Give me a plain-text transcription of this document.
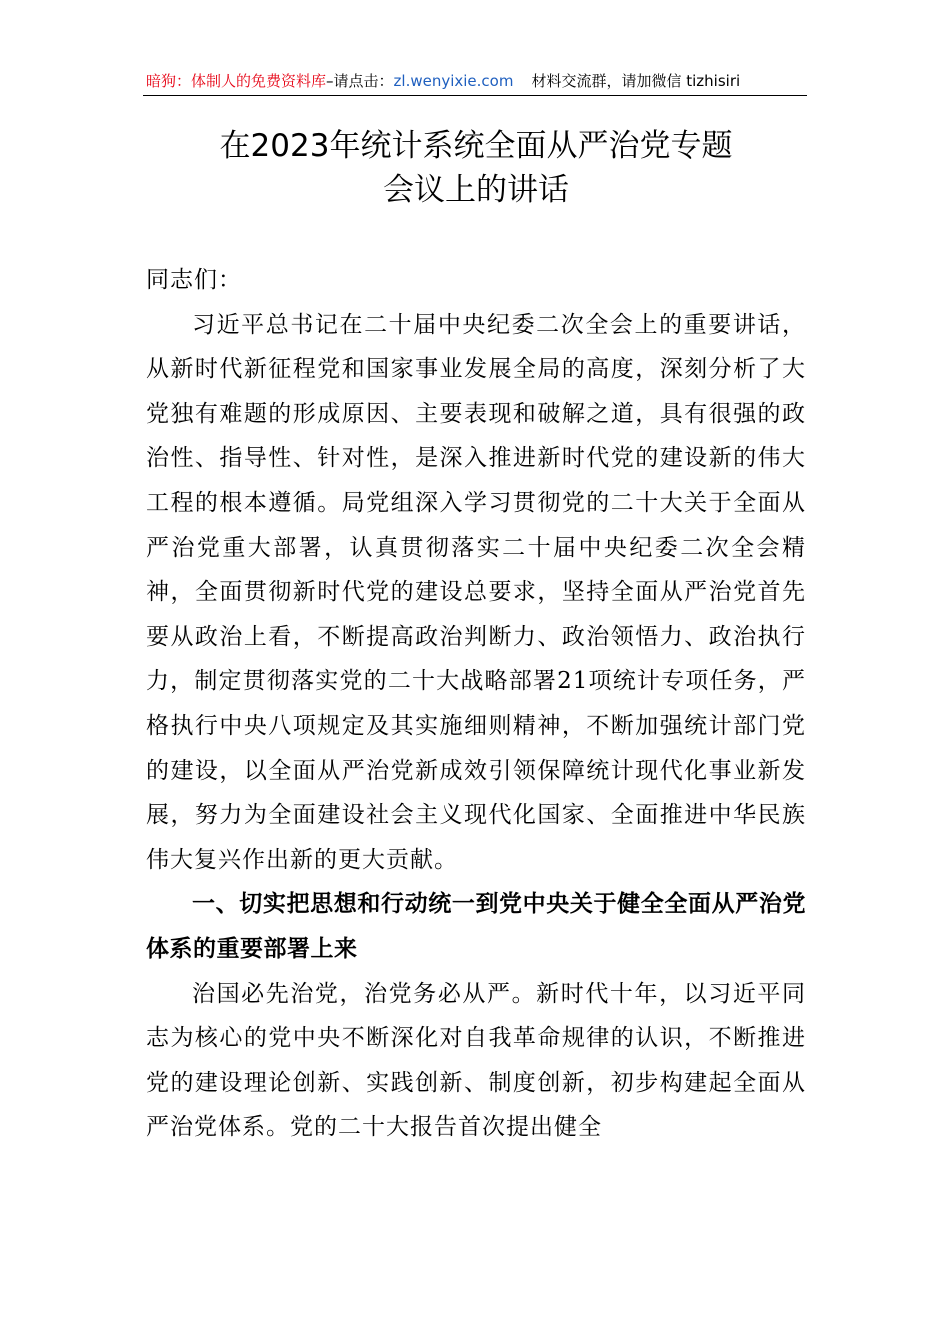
暗狗：体制人的免费资料库–请点击：zl.wenyixie.com 材料交流群，请加微信 tizhisiri
在2023年统计系统全面从严治党专题
会议上的讲话

同志们：

习近平总书记在二十届中央纪委二次全会上的重要讲话，从新时代新征程党和国家事业发展全局的高度，深刻分析了大党独有难题的形成原因、主要表现和破解之道，具有很强的政治性、指导性、针对性，是深入推进新时代党的建设新的伟大工程的根本遵循。局党组深入学习贯彻党的二十大关于全面从严治党重大部署，认真贯彻落实二十届中央纪委二次全会精神，全面贯彻新时代党的建设总要求，坚持全面从严治党首先要从政治上看，不断提高政治判断力、政治领悟力、政治执行力，制定贯彻落实党的二十大战略部署21项统计专项任务，严格执行中央八项规定及其实施细则精神，不断加强统计部门党的建设，以全面从严治党新成效引领保障统计现代化事业新发展，努力为全面建设社会主义现代化国家、全面推进中华民族伟大复兴作出新的更大贡献。

一、切实把思想和行动统一到党中央关于健全全面从严治党体系的重要部署上来

治国必先治党，治党务必从严。新时代十年，以习近平同志为核心的党中央不断深化对自我革命规律的认识，不断推进党的建设理论创新、实践创新、制度创新，初步构建起全面从严治党体系。党的二十大报告首次提出健全
